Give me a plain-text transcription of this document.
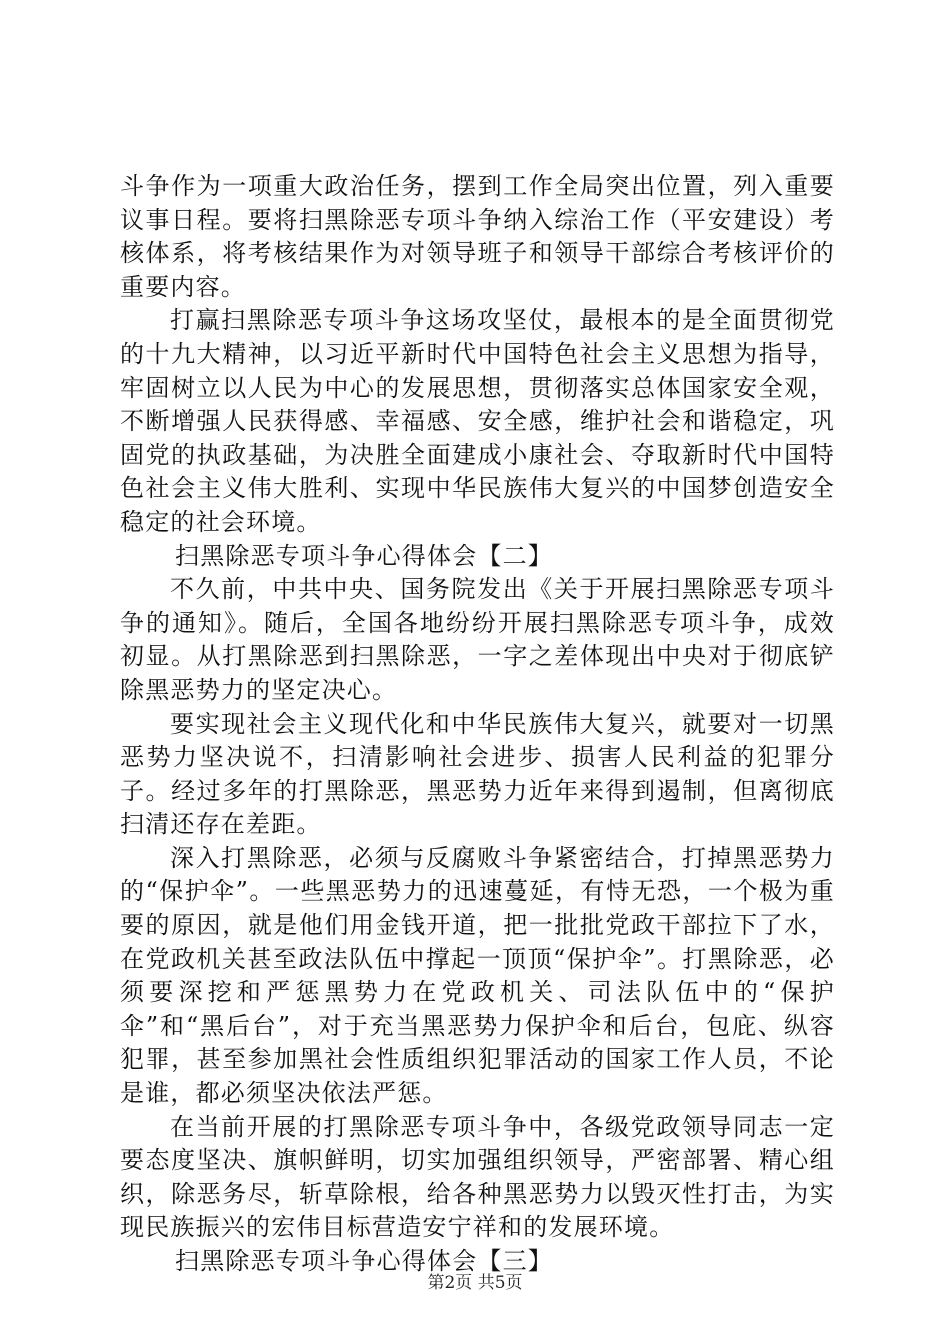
斗争作为一项重大政治任务，摆到工作全局突出位置，列入重要议事日程。要将扫黑除恶专项斗争纳入综治工作（平安建设）考核体系，将考核结果作为对领导班子和领导干部综合考核评价的重要内容。

打赢扫黑除恶专项斗争这场攻坚仗，最根本的是全面贯彻党的十九大精神，以习近平新时代中国特色社会主义思想为指导，牢固树立以人民为中心的发展思想，贯彻落实总体国家安全观，不断增强人民获得感、幸福感、安全感，维护社会和谐稳定，巩固党的执政基础，为决胜全面建成小康社会、夺取新时代中国特色社会主义伟大胜利、实现中华民族伟大复兴的中国梦创造安全稳定的社会环境。

扫黑除恶专项斗争心得体会【二】

不久前，中共中央、国务院发出《关于开展扫黑除恶专项斗争的通知》。随后，全国各地纷纷开展扫黑除恶专项斗争，成效初显。从打黑除恶到扫黑除恶，一字之差体现出中央对于彻底铲除黑恶势力的坚定决心。

要实现社会主义现代化和中华民族伟大复兴，就要对一切黑恶势力坚决说不，扫清影响社会进步、损害人民利益的犯罪分子。经过多年的打黑除恶，黑恶势力近年来得到遏制，但离彻底扫清还存在差距。

深入打黑除恶，必须与反腐败斗争紧密结合，打掉黑恶势力的“保护伞”。一些黑恶势力的迅速蔓延，有恃无恐，一个极为重要的原因，就是他们用金钱开道，把一批批党政干部拉下了水，在党政机关甚至政法队伍中撑起一顶顶“保护伞”。打黑除恶，必须要深挖和严惩黑势力在党政机关、司法队伍中的“保护伞”和“黑后台”，对于充当黑恶势力保护伞和后台，包庇、纵容犯罪，甚至参加黑社会性质组织犯罪活动的国家工作人员，不论是谁，都必须坚决依法严惩。

在当前开展的打黑除恶专项斗争中，各级党政领导同志一定要态度坚决、旗帜鲜明，切实加强组织领导，严密部署、精心组织，除恶务尽，斩草除根，给各种黑恶势力以毁灭性打击，为实现民族振兴的宏伟目标营造安宁祥和的发展环境。

扫黑除恶专项斗争心得体会【三】

第2页 共5页
